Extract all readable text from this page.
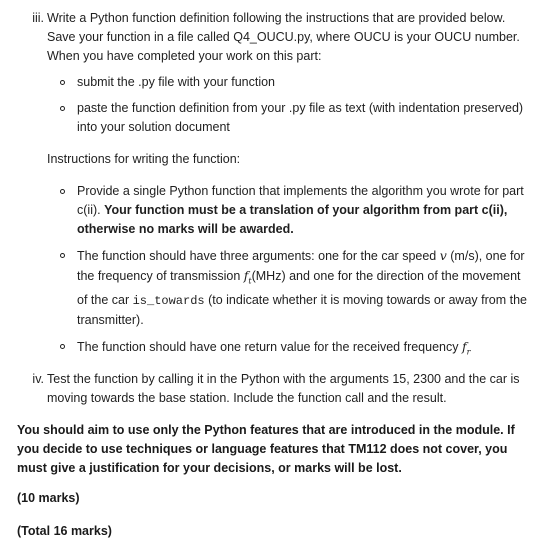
iii. Write a Python function definition following the instructions that are provided below. Save your function in a file called Q4_OUCU.py, where OUCU is your OUCU number. When you have completed your work on this part:
submit the .py file with your function
paste the function definition from your .py file as text (with indentation preserved) into your solution document
Instructions for writing the function:
Provide a single Python function that implements the algorithm you wrote for part c(ii). Your function must be a translation of your algorithm from part c(ii), otherwise no marks will be awarded.
The function should have three arguments: one for the car speed v (m/s), one for the frequency of transmission $f_t(MHz)$ and one for the direction of the movement of the car is_towards (to indicate whether it is moving towards or away from the transmitter).
The function should have one return value for the received frequency $f_r$
iv. Test the function by calling it in the Python with the arguments 15, 2300 and the car is moving towards the base station. Include the function call and the result.
You should aim to use only the Python features that are introduced in the module. If you decide to use techniques or language features that TM112 does not cover, you must give a justification for your decisions, or marks will be lost.
(10 marks)
(Total 16 marks)
